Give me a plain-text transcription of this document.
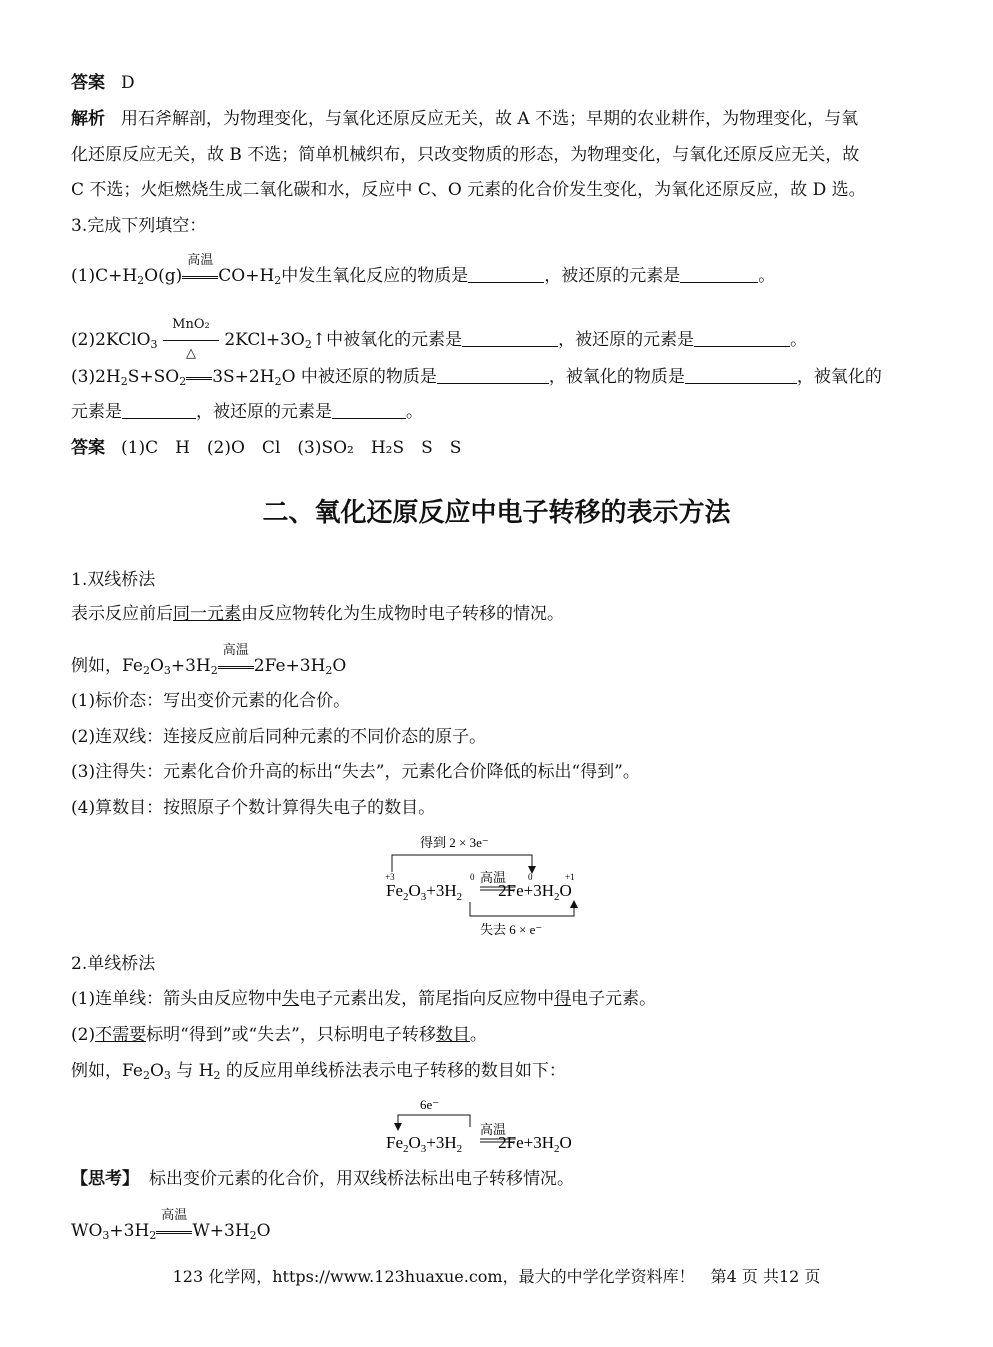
答案 D
解析 用石斧解剖，为物理变化，与氧化还原反应无关，故 A 不选；早期的农业耕作，为物理变化，与氧
化还原反应无关，故 B 不选；简单机械织布，只改变物质的形态，为物理变化，与氧化还原反应无关，故
C 不选；火炬燃烧生成二氧化碳和水，反应中 C、O 元素的化合价发生变化，为氧化还原反应，故 D 选。
3.完成下列填空：
$(1)C+H_2O(g)$
高温
$CO+H_2$中发生氧化反应的物质是	，被还原的元素是	。
(2)2KClO$_3$
MnO₂
△
$2KCl+3O_2↑$中被氧化的元素是	，被还原的元素是	。
$(3)2H_2S+SO_2$ $3S+2H_2O$ 中被还原的物质是	，被氧化的物质是	，被氧化的
元素是	，被还原的元素是	。
答案 (1)C　H　(2)O　Cl　(3)SO₂　H₂S　S　S
二、氧化还原反应中电子转移的表示方法
1.双线桥法
表示反应前后同一元素由反应物转化为生成物时电子转移的情况。
例如，$Fe_2O_3+3H_2$
高温
$2Fe+3H_2O$
(1)标价态：写出变价元素的化合价。
(2)连双线：连接反应前后同种元素的不同价态的原子。
(3)注得失：元素化合价升高的标出“失去”，元素化合价降低的标出“得到”。
(4)算数目：按照原子个数计算得失电子的数目。
得到 2 × 3e⁻
+3	0	0	+1
高温
$Fe_2O_3+3H_2$ $2Fe+3H_2O$
失去 6 × e⁻
2.单线桥法
(1)连单线：箭头由反应物中失电子元素出发，箭尾指向反应物中得电子元素。
(2)不需要标明“得到”或“失去”，只标明电子转移数目。
例如，$Fe_2O_3$ 与 $H_2$ 的反应用单线桥法表示电子转移的数目如下：
6e⁻
高温
$Fe_2O_3+3H_2$ $2Fe+3H_2O$
【思考】 标出变价元素的化合价，用双线桥法标出电子转移情况。
$WO_3+3H_2$
高温
$W+3H_2O$
123 化学网，https://www.123huaxue.com，最大的中学化学资料库！　第4 页 共12 页
